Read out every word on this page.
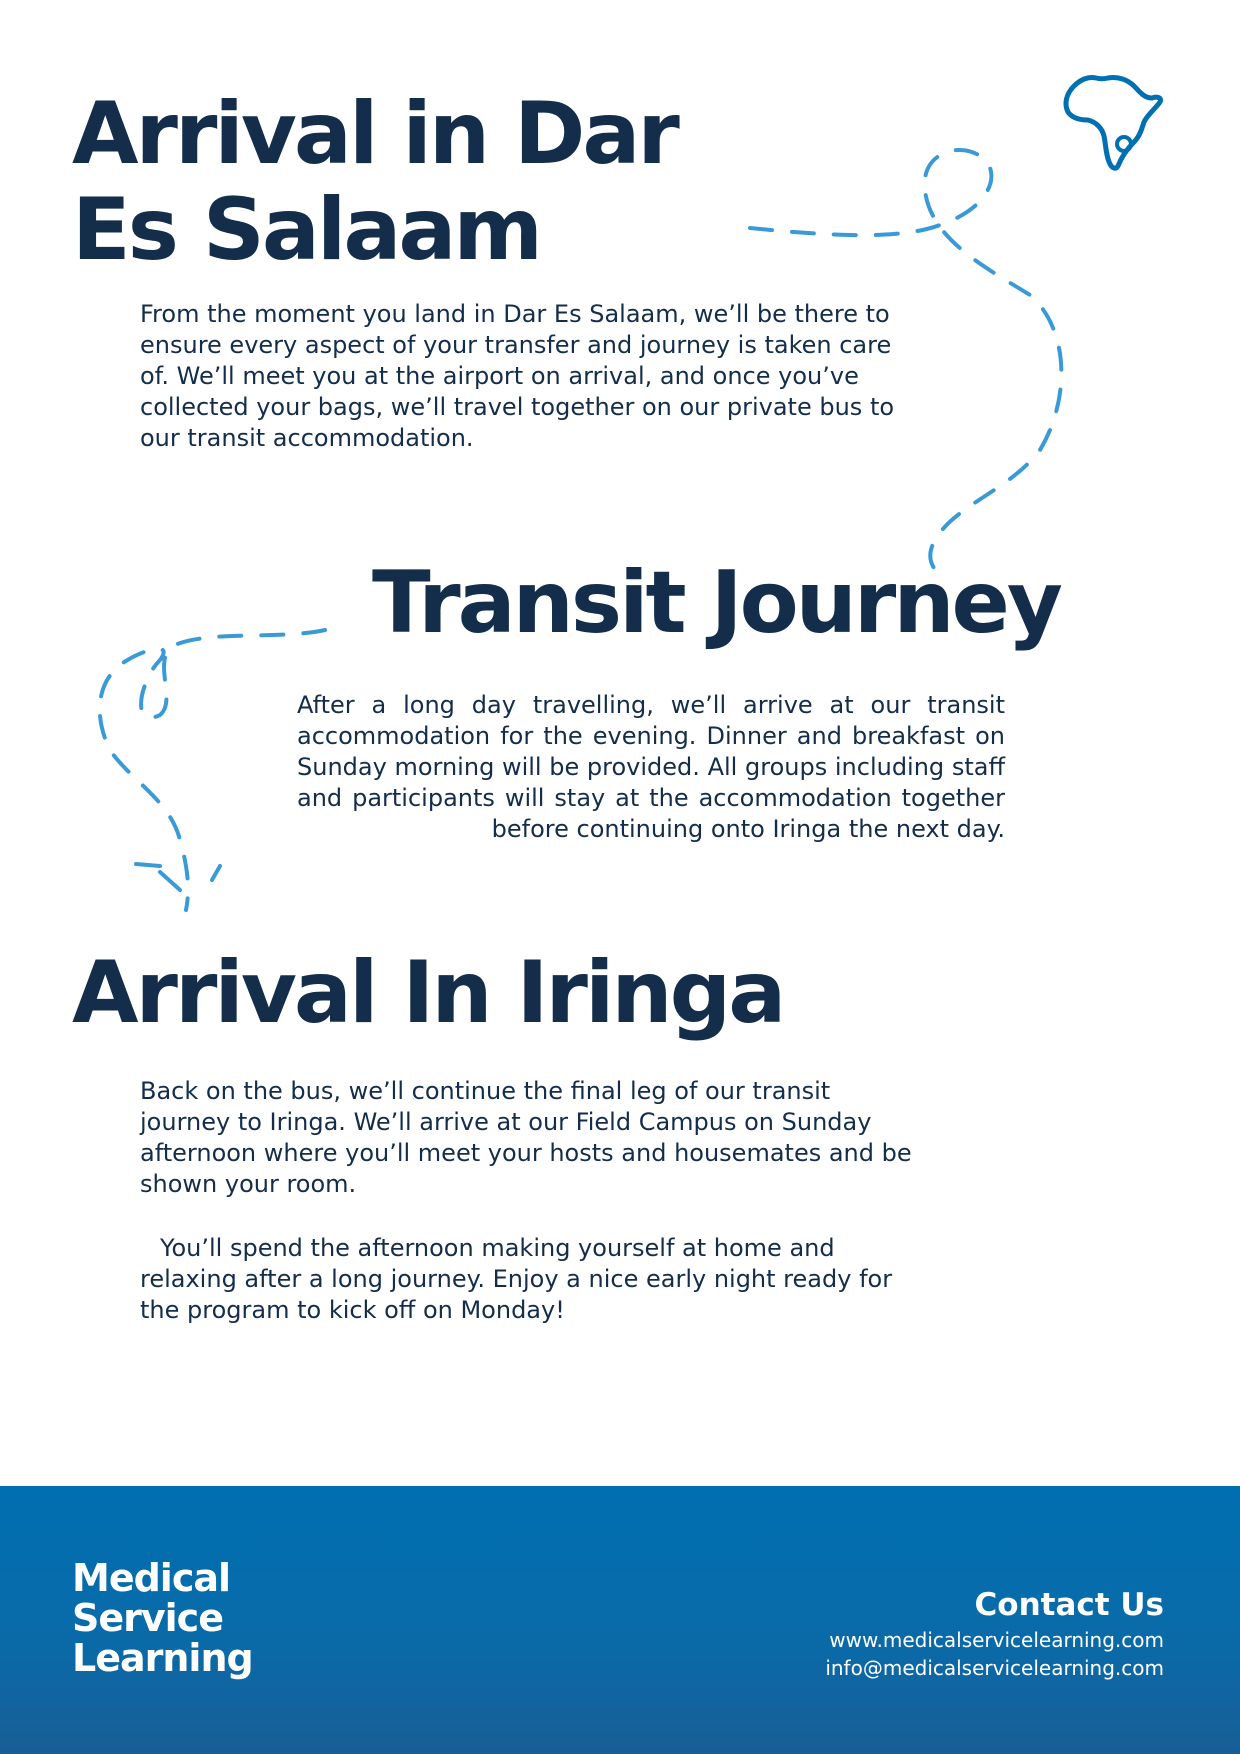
Arrival in Dar Es Salaam

From the moment you land in Dar Es Salaam, we’ll be there to ensure every aspect of your transfer and journey is taken care of. We’ll meet you at the airport on arrival, and once you’ve collected your bags, we’ll travel together on our private bus to our transit accommodation.

Transit Journey

After a long day travelling, we’ll arrive at our transit accommodation for the evening. Dinner and breakfast on Sunday morning will be provided. All groups including staff and participants will stay at the accommodation together before continuing onto Iringa the next day.

Arrival In Iringa

Back on the bus, we’ll continue the final leg of our transit journey to Iringa. We’ll arrive at our Field Campus on Sunday afternoon where you’ll meet your hosts and housemates and be shown your room.

You’ll spend the afternoon making yourself at home and relaxing after a long journey. Enjoy a nice early night ready for the program to kick off on Monday!

Medical
Service
Learning
Contact Us
www.medicalservicelearning.com
info@medicalservicelearning.com
